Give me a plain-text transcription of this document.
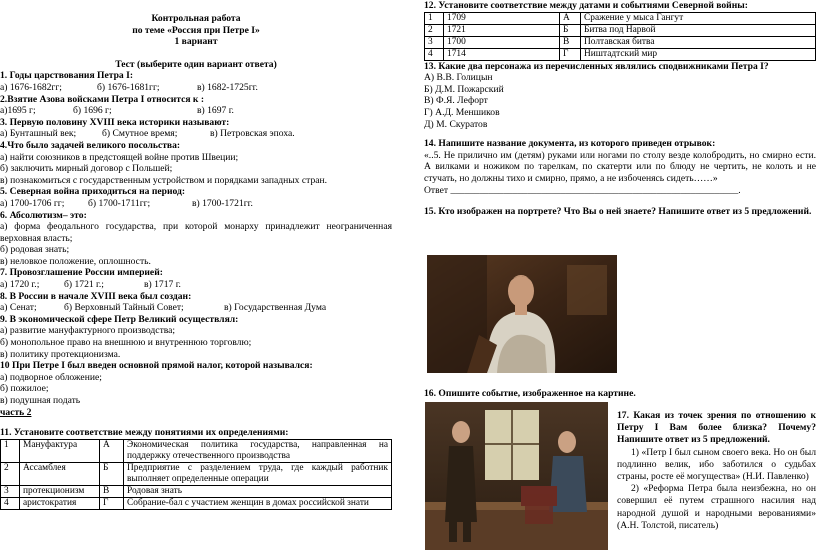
Контрольная работа

по теме «Россия при Петре I»

1 вариант

Тест (выберите один вариант ответа)

1. Годы царствования Петра I:

а) 1676-1682гг;	б) 1676-1681гг;	в) 1682-1725гг.

2.Взятие Азова войсками Петра I относится к :

а)1695 г;	б) 1696 г;	в) 1697 г.

3. Первую половину XVIII века историки называют:

а) Бунташный век;	б) Смутное время;	в) Петровская эпоха.

4.Что было задачей великого посольства:

а) найти союзников в предстоящей войне против Швеции;

б) заключить мирный договор с Польшей;

в) познакомиться с государственным устройством и порядками западных стран.

5. Северная война приходиться на период:

а) 1700-1706 гг;	б) 1700-1711гг;	в) 1700-1721гг.

6. Абсолютизм– это:

а) форма феодального государства, при которой монарху принадлежит неограниченная верховная власть;

б) родовая знать;

в) неловкое положение, оплошность.

7. Провозглашение России империей:

а) 1720 г.;	б) 1721 г.;	в) 1717 г.

8. В России в начале XVIII века был создан:

а) Сенат;	б) Верховный Тайный Совет;	в) Государственная Дума

9. В экономической сфере Петр Великий осуществлял:

а) развитие мануфактурного производства;

б) монопольное право на внешнюю и внутреннюю торговлю;

в) политику протекционизма.

10 При Петре I был введен основной прямой налог, которой назывался:

а) подворное обложение;

б) пожилое;

в) подушная подать

часть 2

11. Установите соответствие между понятиями их определениями:

1	Мануфактура	А	Экономическая политика государства, направленная на поддержку отечественного производства
2	Ассамблея	Б	Предприятие с разделением труда, где каждый работник выполняет определенные операции
3	протекционизм	В	Родовая знать
4	аристократия	Г	Собрание-бал с участием женщин в домах российской знати

12. Установите соответствие между датами и событиями Северной войны:

1	1709	А	Сражение у мыса Гангут
2	1721	Б	Битва под Нарвой
3	1700	В	Полтавская битва
4	1714	Г	Ништадтский мир

13. Какие два персонажа из перечисленных являлись сподвижниками Петра I?

А) В.В. Голицын

Б) Д.М. Пожарский

В) Ф.Я. Лефорт

Г) А.Д. Меншиков

Д) М. Скуратов

14. Напишите название документа, из которого приведен отрывок:

«..5. Не прилично им (детям) руками или ногами по столу везде колобродить, но смирно ести. А вилками и ножиком по тарелкам, по скатерти или по блюду не чертить, не колоть и не стучать, но должны тихо и смирно, прямо, а не избоченясь сидеть……»

Ответ ____________________________________________________________.

15. Кто изображен на портрете? Что Вы о ней знаете? Напишите ответ из 5 предложений.

16. Опишите событие, изображенное на картине.

17. Какая из точек зрения по отношению к Петру I Вам более близка? Почему? Напишите ответ из 5 предложений.

1) «Петр I был сыном своего века. Но он был подлинно велик, ибо заботился о судьбах страны, росте её могущества» (Н.И. Павленко)

2) «Реформа Петра была неизбежна, но он совершил её путем страшного насилия над народной душой и народными верованиями» (А.Н. Толстой, писатель)
